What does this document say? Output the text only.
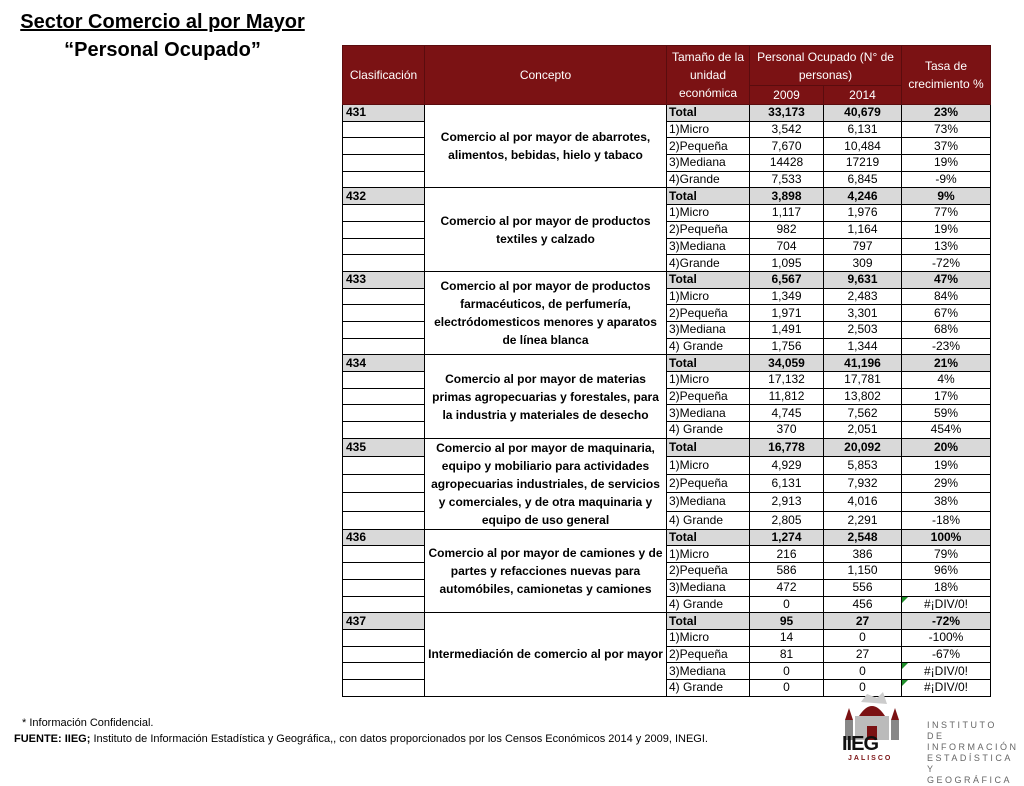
Sector Comercio al por Mayor
“Personal Ocupado”
Clasificación	Concepto	Tamaño de la unidad económica	Personal Ocupado (N° de personas)		Tasa de crecimiento %
			2009	2014	
431	Comercio al por mayor de abarrotes, alimentos, bebidas, hielo y tabaco	Total	33,173	40,679	23%
		1)Micro	3,542	6,131	73%
		2)Pequeña	7,670	10,484	37%
		3)Mediana	14428	17219	19%
		4)Grande	7,533	6,845	-9%
432	Comercio al por mayor de productos textiles y calzado	Total	3,898	4,246	9%
		1)Micro	1,117	1,976	77%
		2)Pequeña	982	1,164	19%
		3)Mediana	704	797	13%
		4)Grande	1,095	309	-72%
433	Comercio al por mayor de productos farmacéuticos, de perfumería, electródomesticos menores y aparatos de línea blanca	Total	6,567	9,631	47%
		1)Micro	1,349	2,483	84%
		2)Pequeña	1,971	3,301	67%
		3)Mediana	1,491	2,503	68%
		4) Grande	1,756	1,344	-23%
434	Comercio al por mayor de materias primas agropecuarias y forestales, para la industria y materiales de desecho	Total	34,059	41,196	21%
		1)Micro	17,132	17,781	4%
		2)Pequeña	11,812	13,802	17%
		3)Mediana	4,745	7,562	59%
		4) Grande	370	2,051	454%
435	Comercio al por mayor de maquinaria, equipo y mobiliario para actividades agropecuarias industriales, de servicios y comerciales, y de otra maquinaria y equipo de uso general	Total	16,778	20,092	20%
		1)Micro	4,929	5,853	19%
		2)Pequeña	6,131	7,932	29%
		3)Mediana	2,913	4,016	38%
		4) Grande	2,805	2,291	-18%
436	Comercio al por mayor de camiones y de partes y refacciones nuevas para automóbiles, camionetas y camiones	Total	1,274	2,548	100%
		1)Micro	216	386	79%
		2)Pequeña	586	1,150	96%
		3)Mediana	472	556	18%
		4) Grande	0	456	#¡DIV/0!
437	Intermediación de comercio al por mayor	Total	95	27	-72%
		1)Micro	14	0	-100%
		2)Pequeña	81	27	-67%
		3)Mediana	0	0	#¡DIV/0!
		4) Grande	0	0	#¡DIV/0!
* Información Confidencial.
FUENTE: IIEG; Instituto de Información Estadística y Geográfica,, con datos proporcionados por los Censos Económicos 2014 y 2009, INEGI.	IIEG
JALISCO
INSTITUTO DE
INFORMACIÓN
ESTADÍSTICA Y
GEOGRÁFICA
